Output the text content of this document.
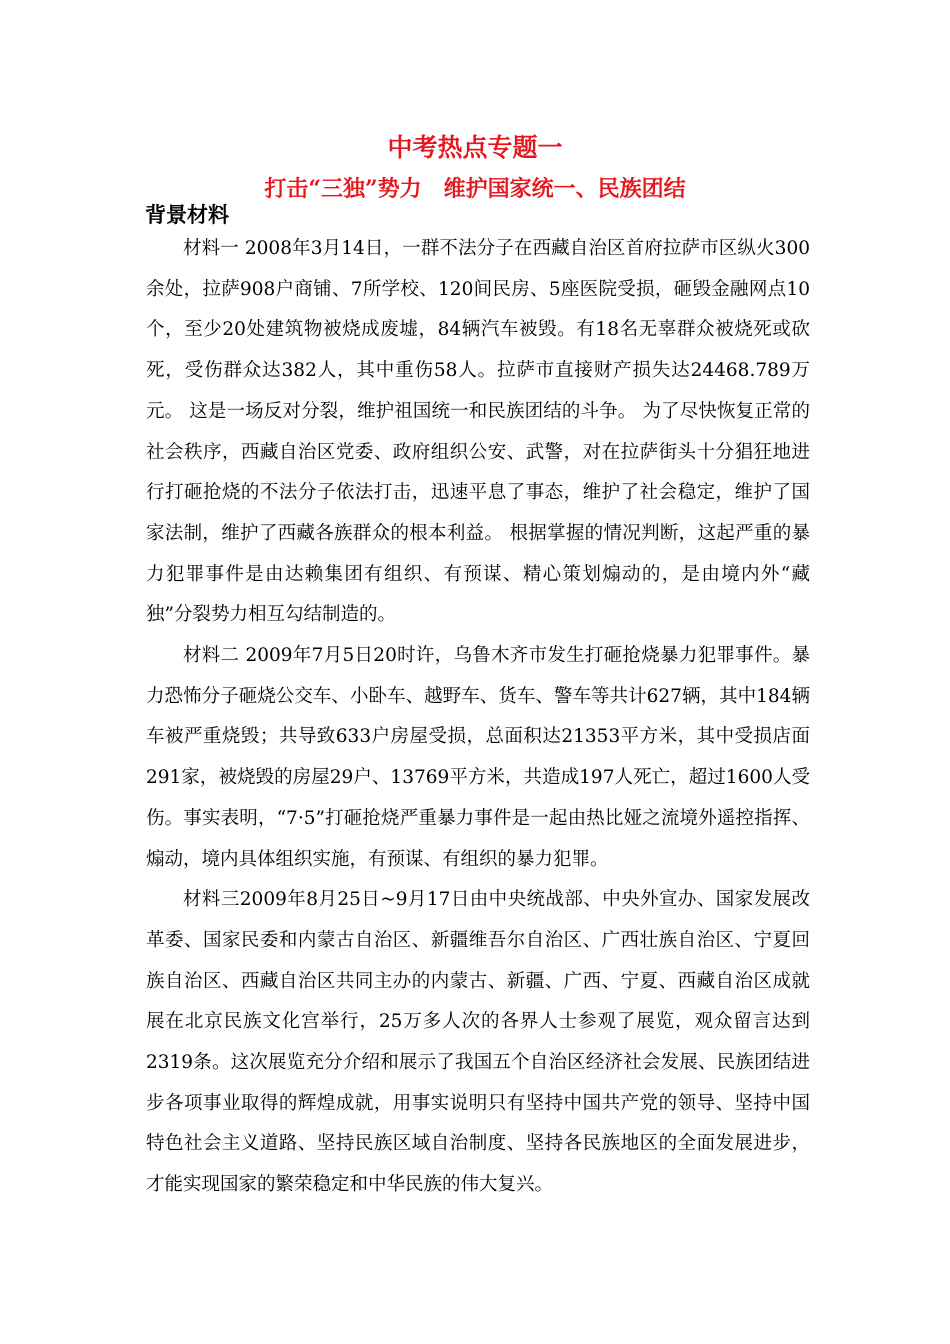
中考热点专题一
打击“三独”势力　维护国家统一、民族团结
背景材料

材料一 2008年3月14日，一群不法分子在西藏自治区首府拉萨市区纵火300余处，拉萨908户商铺、7所学校、120间民房、5座医院受损，砸毁金融网点10个，至少20处建筑物被烧成废墟，84辆汽车被毁。有18名无辜群众被烧死或砍死，受伤群众达382人，其中重伤58人。拉萨市直接财产损失达24468.789万元。 这是一场反对分裂，维护祖国统一和民族团结的斗争。 为了尽快恢复正常的社会秩序，西藏自治区党委、政府组织公安、武警，对在拉萨街头十分猖狂地进行打砸抢烧的不法分子依法打击，迅速平息了事态，维护了社会稳定，维护了国家法制，维护了西藏各族群众的根本利益。 根据掌握的情况判断，这起严重的暴力犯罪事件是由达赖集团有组织、有预谋、精心策划煽动的，是由境内外“藏独”分裂势力相互勾结制造的。

材料二 2009年7月5日20时许，乌鲁木齐市发生打砸抢烧暴力犯罪事件。暴力恐怖分子砸烧公交车、小卧车、越野车、货车、警车等共计627辆，其中184辆车被严重烧毁；共导致633户房屋受损，总面积达21353平方米，其中受损店面291家，被烧毁的房屋29户、13769平方米，共造成197人死亡，超过1600人受伤。事实表明，“7·5”打砸抢烧严重暴力事件是一起由热比娅之流境外遥控指挥、煽动，境内具体组织实施，有预谋、有组织的暴力犯罪。

材料三2009年8月25日~9月17日由中央统战部、中央外宣办、国家发展改革委、国家民委和内蒙古自治区、新疆维吾尔自治区、广西壮族自治区、宁夏回族自治区、西藏自治区共同主办的内蒙古、新疆、广西、宁夏、西藏自治区成就展在北京民族文化宫举行，25万多人次的各界人士参观了展览，观众留言达到2319条。这次展览充分介绍和展示了我国五个自治区经济社会发展、民族团结进步各项事业取得的辉煌成就，用事实说明只有坚持中国共产党的领导、坚持中国特色社会主义道路、坚持民族区域自治制度、坚持各民族地区的全面发展进步，才能实现国家的繁荣稳定和中华民族的伟大复兴。
